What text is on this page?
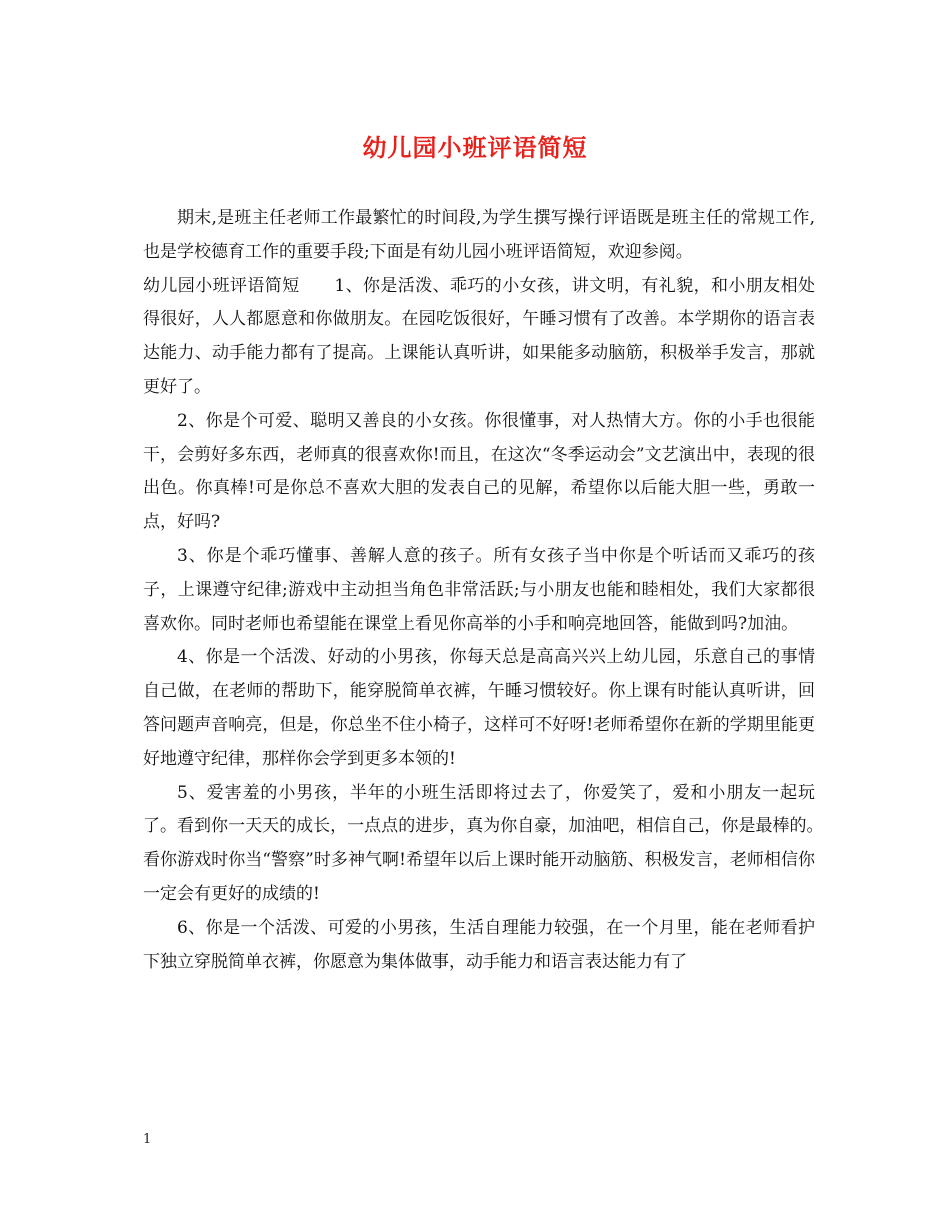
幼儿园小班评语简短

期末,是班主任老师工作最繁忙的时间段,为学生撰写操行评语既是班主任的常规工作,也是学校德育工作的重要手段;下面是有幼儿园小班评语简短，欢迎参阅。

幼儿园小班评语简短　　1、你是活泼、乖巧的小女孩，讲文明，有礼貌，和小朋友相处得很好，人人都愿意和你做朋友。在园吃饭很好，午睡习惯有了改善。本学期你的语言表达能力、动手能力都有了提高。上课能认真听讲，如果能多动脑筋，积极举手发言，那就更好了。

2、你是个可爱、聪明又善良的小女孩。你很懂事，对人热情大方。你的小手也很能干，会剪好多东西，老师真的很喜欢你!而且，在这次“冬季运动会”文艺演出中，表现的很出色。你真棒!可是你总不喜欢大胆的发表自己的见解，希望你以后能大胆一些，勇敢一点，好吗?

3、你是个乖巧懂事、善解人意的孩子。所有女孩子当中你是个听话而又乖巧的孩子，上课遵守纪律;游戏中主动担当角色非常活跃;与小朋友也能和睦相处，我们大家都很喜欢你。同时老师也希望能在课堂上看见你高举的小手和响亮地回答，能做到吗?加油。

4、你是一个活泼、好动的小男孩，你每天总是高高兴兴上幼儿园，乐意自己的事情自己做，在老师的帮助下，能穿脱简单衣裤，午睡习惯较好。你上课有时能认真听讲，回答问题声音响亮，但是，你总坐不住小椅子，这样可不好呀!老师希望你在新的学期里能更好地遵守纪律，那样你会学到更多本领的!

5、爱害羞的小男孩，半年的小班生活即将过去了，你爱笑了，爱和小朋友一起玩了。看到你一天天的成长，一点点的进步，真为你自豪，加油吧，相信自己，你是最棒的。　看你游戏时你当“警察”时多神气啊!希望年以后上课时能开动脑筋、积极发言，老师相信你一定会有更好的成绩的!

6、你是一个活泼、可爱的小男孩，生活自理能力较强，在一个月里，能在老师看护下独立穿脱简单衣裤，你愿意为集体做事，动手能力和语言表达能力有了

1
